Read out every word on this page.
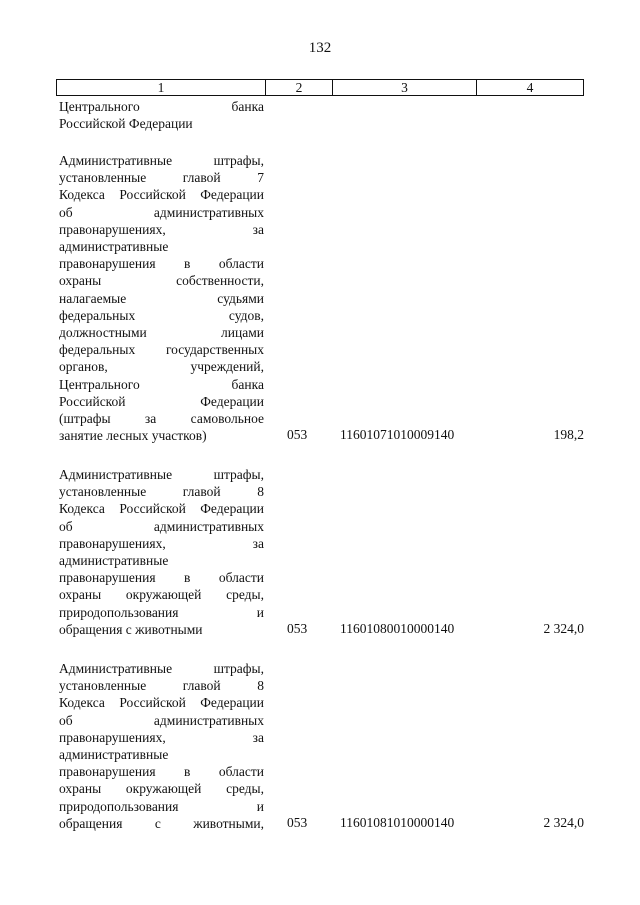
132
1	2	3	4
Центрального банка
Российской Федерации
Административные штрафы,
установленные главой 7
Кодекса Российской Федерации
об административных
правонарушениях, за
административные
правонарушения в области
охраны собственности,
налагаемые судьями
федеральных судов,
должностными лицами
федеральных государственных
органов, учреждений,
Центрального банка
Российской Федерации
(штрафы за самовольное
занятие лесных участков)	053 11601071010009140	198,2
Административные штрафы,
установленные главой 8
Кодекса Российской Федерации
об административных
правонарушениях, за
административные
правонарушения в области
охраны окружающей среды,
природопользования и
обращения с животными	053 11601080010000140	2 324,0
Административные штрафы,
установленные главой 8
Кодекса Российской Федерации
об административных
правонарушениях, за
административные
правонарушения в области
охраны окружающей среды,
природопользования и
обращения с животными, 053 11601081010000140	2 324,0
